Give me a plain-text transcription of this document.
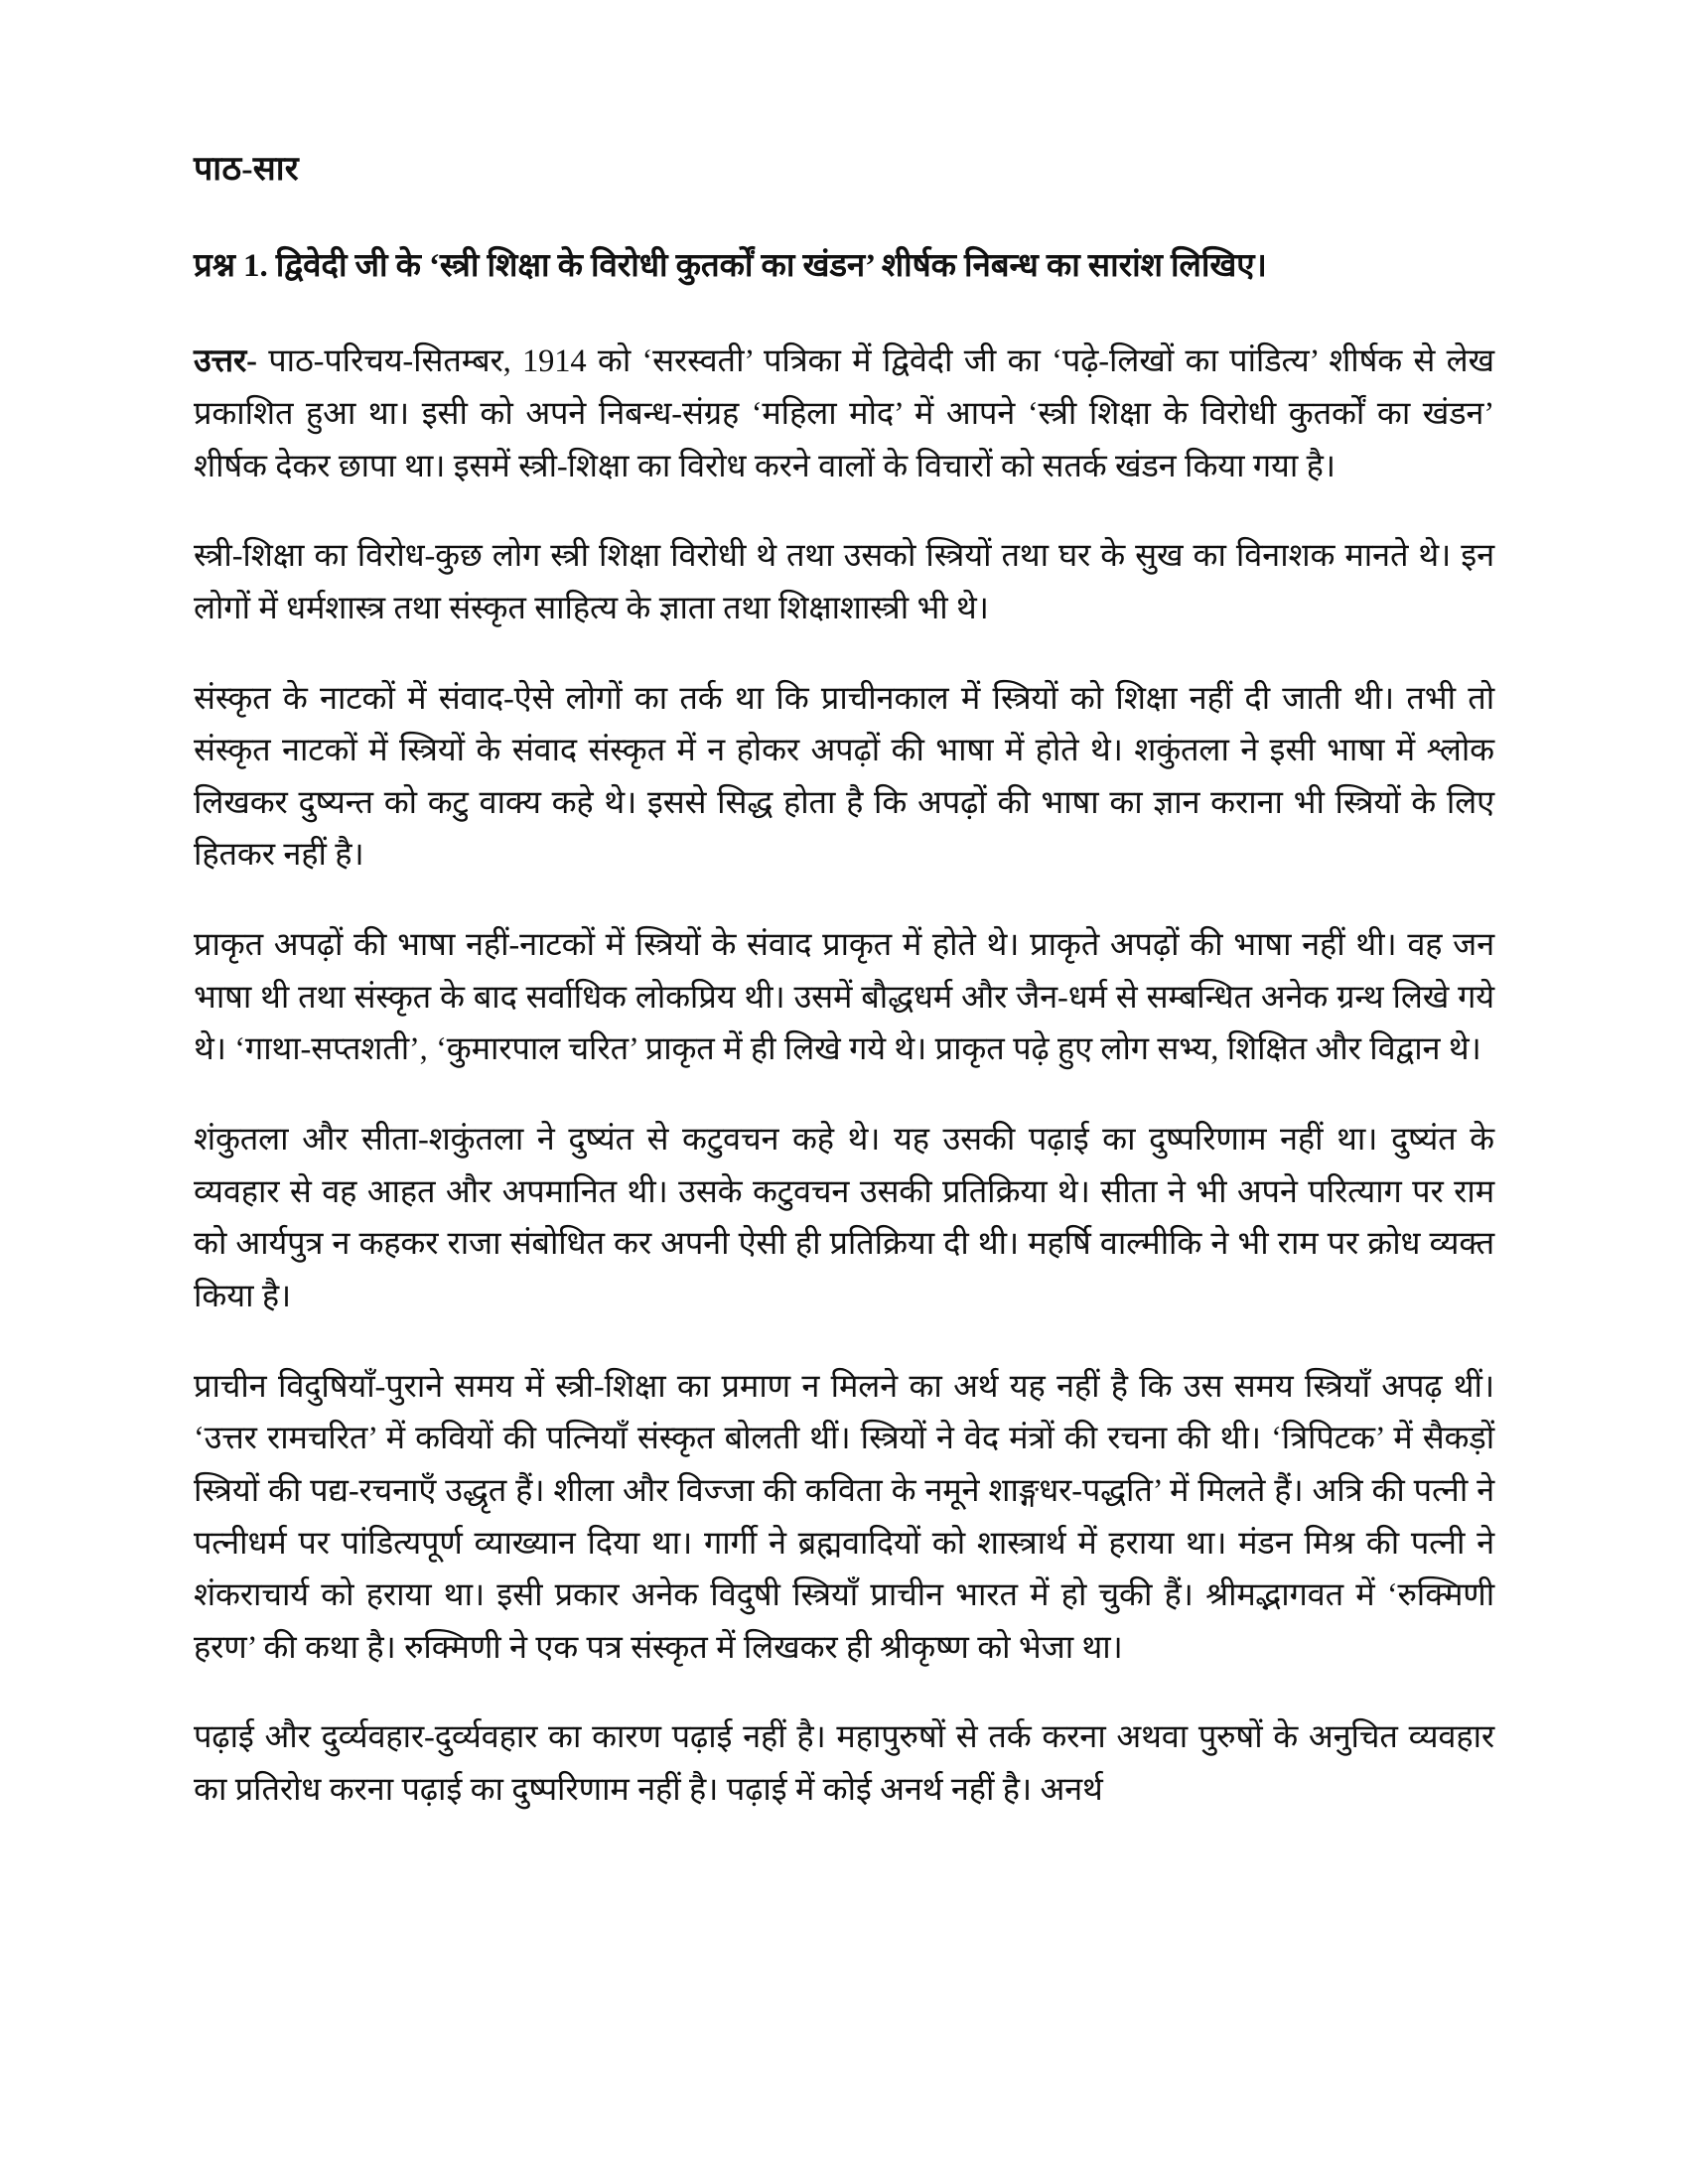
पाठ-सार

प्रश्न 1. द्विवेदी जी के ‘स्त्री शिक्षा के विरोधी कुतर्कों का खंडन’ शीर्षक निबन्ध का सारांश लिखिए।

उत्तर- पाठ-परिचय-सितम्बर, 1914 को ‘सरस्वती’ पत्रिका में द्विवेदी जी का ‘पढ़े-लिखों का पांडित्य’ शीर्षक से लेख प्रकाशित हुआ था। इसी को अपने निबन्ध-संग्रह ‘महिला मोद’ में आपने ‘स्त्री शिक्षा के विरोधी कुतर्कों का खंडन’ शीर्षक देकर छापा था। इसमें स्त्री-शिक्षा का विरोध करने वालों के विचारों को सतर्क खंडन किया गया है।

स्त्री-शिक्षा का विरोध-कुछ लोग स्त्री शिक्षा विरोधी थे तथा उसको स्त्रियों तथा घर के सुख का विनाशक मानते थे। इन लोगों में धर्मशास्त्र तथा संस्कृत साहित्य के ज्ञाता तथा शिक्षाशास्त्री भी थे।

संस्कृत के नाटकों में संवाद-ऐसे लोगों का तर्क था कि प्राचीनकाल में स्त्रियों को शिक्षा नहीं दी जाती थी। तभी तो संस्कृत नाटकों में स्त्रियों के संवाद संस्कृत में न होकर अपढ़ों की भाषा में होते थे। शकुंतला ने इसी भाषा में श्लोक लिखकर दुष्यन्त को कटु वाक्य कहे थे। इससे सिद्ध होता है कि अपढ़ों की भाषा का ज्ञान कराना भी स्त्रियों के लिए हितकर नहीं है।

प्राकृत अपढ़ों की भाषा नहीं-नाटकों में स्त्रियों के संवाद प्राकृत में होते थे। प्राकृते अपढ़ों की भाषा नहीं थी। वह जन भाषा थी तथा संस्कृत के बाद सर्वाधिक लोकप्रिय थी। उसमें बौद्धधर्म और जैन-धर्म से सम्बन्धित अनेक ग्रन्थ लिखे गये थे। ‘गाथा-सप्तशती’, ‘कुमारपाल चरित’ प्राकृत में ही लिखे गये थे। प्राकृत पढ़े हुए लोग सभ्य, शिक्षित और विद्वान थे।

शंकुतला और सीता-शकुंतला ने दुष्यंत से कटुवचन कहे थे। यह उसकी पढ़ाई का दुष्परिणाम नहीं था। दुष्यंत के व्यवहार से वह आहत और अपमानित थी। उसके कटुवचन उसकी प्रतिक्रिया थे। सीता ने भी अपने परित्याग पर राम को आर्यपुत्र न कहकर राजा संबोधित कर अपनी ऐसी ही प्रतिक्रिया दी थी। महर्षि वाल्मीकि ने भी राम पर क्रोध व्यक्त किया है।

प्राचीन विदुषियाँ-पुराने समय में स्त्री-शिक्षा का प्रमाण न मिलने का अर्थ यह नहीं है कि उस समय स्त्रियाँ अपढ़ थीं। ‘उत्तर रामचरित’ में कवियों की पत्नियाँ संस्कृत बोलती थीं। स्त्रियों ने वेद मंत्रों की रचना की थी। ‘त्रिपिटक’ में सैकड़ों स्त्रियों की पद्य-रचनाएँ उद्धृत हैं। शीला और विज्जा की कविता के नमूने शाङ्गधर-पद्धति’ में मिलते हैं। अत्रि की पत्नी ने पत्नीधर्म पर पांडित्यपूर्ण व्याख्यान दिया था। गार्गी ने ब्रह्मवादियों को शास्त्रार्थ में हराया था। मंडन मिश्र की पत्नी ने शंकराचार्य को हराया था। इसी प्रकार अनेक विदुषी स्त्रियाँ प्राचीन भारत में हो चुकी हैं। श्रीमद्भागवत में ‘रुक्मिणी हरण’ की कथा है। रुक्मिणी ने एक पत्र संस्कृत में लिखकर ही श्रीकृष्ण को भेजा था।

पढ़ाई और दुर्व्यवहार-दुर्व्यवहार का कारण पढ़ाई नहीं है। महापुरुषों से तर्क करना अथवा पुरुषों के अनुचित व्यवहार का प्रतिरोध करना पढ़ाई का दुष्परिणाम नहीं है। पढ़ाई में कोई अनर्थ नहीं है। अनर्थ
